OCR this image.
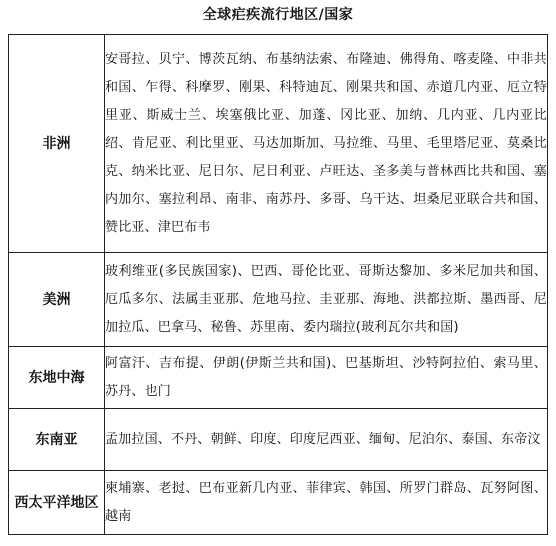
全球疟疾流行地区/国家
非洲	安哥拉、贝宁、博茨瓦纳、布基纳法索、布隆迪、佛得角、喀麦隆、中非共和国、乍得、科摩罗、刚果、科特迪瓦、刚果共和国、赤道几内亚、厄立特里亚、斯威士兰、埃塞俄比亚、加蓬、冈比亚、加纳、几内亚、几内亚比绍、肯尼亚、利比里亚、马达加斯加、马拉维、马里、毛里塔尼亚、莫桑比克、纳米比亚、尼日尔、尼日利亚、卢旺达、圣多美与普林西比共和国、塞内加尔、塞拉利昂、南非、南苏丹、多哥、乌干达、坦桑尼亚联合共和国、赞比亚、津巴布韦
美洲	玻利维亚(多民族国家)、巴西、哥伦比亚、哥斯达黎加、多米尼加共和国、厄瓜多尔、法属圭亚那、危地马拉、圭亚那、海地、洪都拉斯、墨西哥、尼加拉瓜、巴拿马、秘鲁、苏里南、委内瑞拉(玻利瓦尔共和国)
东地中海	阿富汗、吉布提、伊朗(伊斯兰共和国)、巴基斯坦、沙特阿拉伯、索马里、苏丹、也门
东南亚	孟加拉国、不丹、朝鲜、印度、印度尼西亚、缅甸、尼泊尔、泰国、东帝汶
西太平洋地区	柬埔寨、老挝、巴布亚新几内亚、菲律宾、韩国、所罗门群岛、瓦努阿图、越南
